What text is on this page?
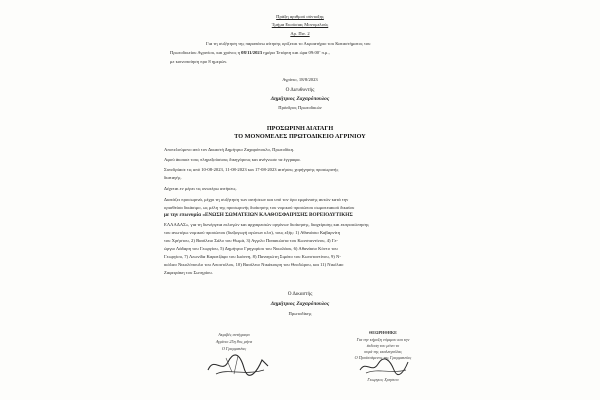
Πράξη αριθμού σύνταξης
Τμήμα Εκούσιας Μονομελούς
Αρ. Πιν. 2
Για τη συζήτηση της παραπάνω αίτησης ορίζεται το Ακροατήριο του Καταστήματος του
Πρωτοδικείου Αγρινίου, και χρόνος η 08/11/2023 ημέρα Τετάρτη και ώρα 09:00’ π.μ.,
με κοινοποίηση προ 8 ημερών.
Αγρίνιο, 18/8/2023
Ο Διευθυντής
Δημήτριος Ζαχαρόπουλος
Πρόεδρος Πρωτοδικών
ΠΡΟΣΩΡΙΝΗ ΔΙΑΤΑΓΗ
ΤΟ ΜΟΝΟΜΕΛΕΣ ΠΡΩΤΟΔΙΚΕΙΟ ΑΓΡΙΝΙΟΥ
Αποτελούμενο από τον Δικαστή Δημήτριο Ζαχαρόπουλο, Πρωτοδίκη.
Αφού άκουσε τους πληρεξούσιους δικηγόρους και ανέγνωσε τα έγγραφα.
Συνεδρίασε τις από 10-08-2023, 11-08-2023 και 17-08-2023 αιτήσεις χορήγησης προσωρινής
διαταγής.
Δέχεται εν μέρει τις ανωτέρω αιτήσεις.
Διατάζει προσωρινά, μέχρι τη συζήτηση των αιτήσεων και υπό τον όρο εμφάνισης αυτών κατά την
ορισθείσα δικάσιμο, ως μέλη της προσωρινής διοίκησης του νομικού προσώπου σωματειακού δικαίου
με την επωνυμία «ΕΝΩΣΗ ΣΩΜΑΤΕΙΩΝ ΚΛΑΘΟΣΦΑΙΡΙΣΗΣ ΒΟΡΕΙΟΔΥΤΙΚΗΣ
ΕΛΛΑΔΑΣ», για τη διενέργεια εκλογών και αρχαιρεσιών οργάνων διοίκησης, διαχείρισης και εκπροσώπησης
του ανωτέρω νομικού προσώπου (διεξαγωγή αγώνων κλπ), τους εξής: 1) Αθανάσιο Καβαρνίτη
του Χρήστου, 2) Βασίλειο Σάλο του Θωμά, 3) Αγγελο Παπακώστα του Κωνσταντίνου, 4) Γε-
ώργιο Λάδαρη του Γεωργίου, 5) Δημήτριο Γρηγορίου του Νικολάου, 6) Αθανάσιο Κόντο του
Γεωργίου, 7) Λεωνίδα Καρατζάφο του Ιωάννη, 8) Παναγιώτη Σιμάτο του Κωνσταντίνου, 9) Ν-
ικόλαο Νικολόπουλο του Αποστόλου, 10) Βασίλειο Νικάκουρη του Θεοδώρου, και 11) Νικόλαο
Ζαφειράκη του Σωτηρίου.
Ο Δικαστής
Δημήτριος Ζαχαρόπουλος
Πρωτοδίκης
Ακριβές αντίγραφο
Αγρίνιο 25η 8ος μήνα
Ο Γραμματέας
ΘΕΩΡΗΘΗΚΕ
Για την κήρυξη νόμιμου και την
έκδοση του μόνο το
ουρά της εκαλειγούλας
Ο Προϊστάμενος της Γραμματείας
Γεωργιος Χρηστου
